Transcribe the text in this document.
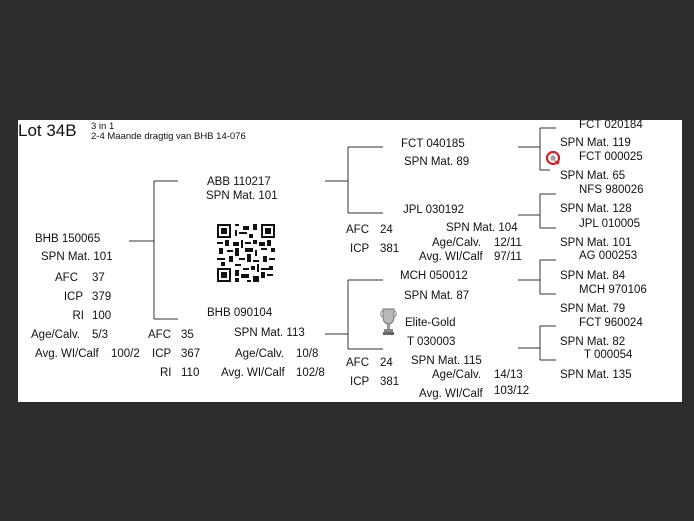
Lot 34B 3 in 1
2-4 Maande dragtig van BHB 14-076
BHB 150065
SPN Mat. 101
AFC 37
ICP 379
RI 100
Age/Calv. 5/3
Avg. WI/Calf 100/2
ABB 110217
SPN Mat. 101
BHB 090104
SPN Mat. 113
AFC 35
ICP 367
RI 110
Age/Calv. 10/8
Avg. WI/Calf 102/8
FCT 040185
SPN Mat. 89
JPL 030192
SPN Mat. 104
AFC 24
ICP 381	Age/Calv. 12/11
Avg. WI/Calf 97/11
MCH 050012
SPN Mat. 87
Elite-Gold
T 030003
SPN Mat. 115
AFC 24
ICP 381
Age/Calv. 14/13
Avg. WI/Calf 103/12
FCT 020184
SPN Mat. 119
FCT 000025
SPN Mat. 65
NFS 980026
SPN Mat. 128
JPL 010005
SPN Mat. 101
AG 000253
SPN Mat. 84
MCH 970106
SPN Mat. 79
FCT 960024
SPN Mat. 82
T 000054
SPN Mat. 135
